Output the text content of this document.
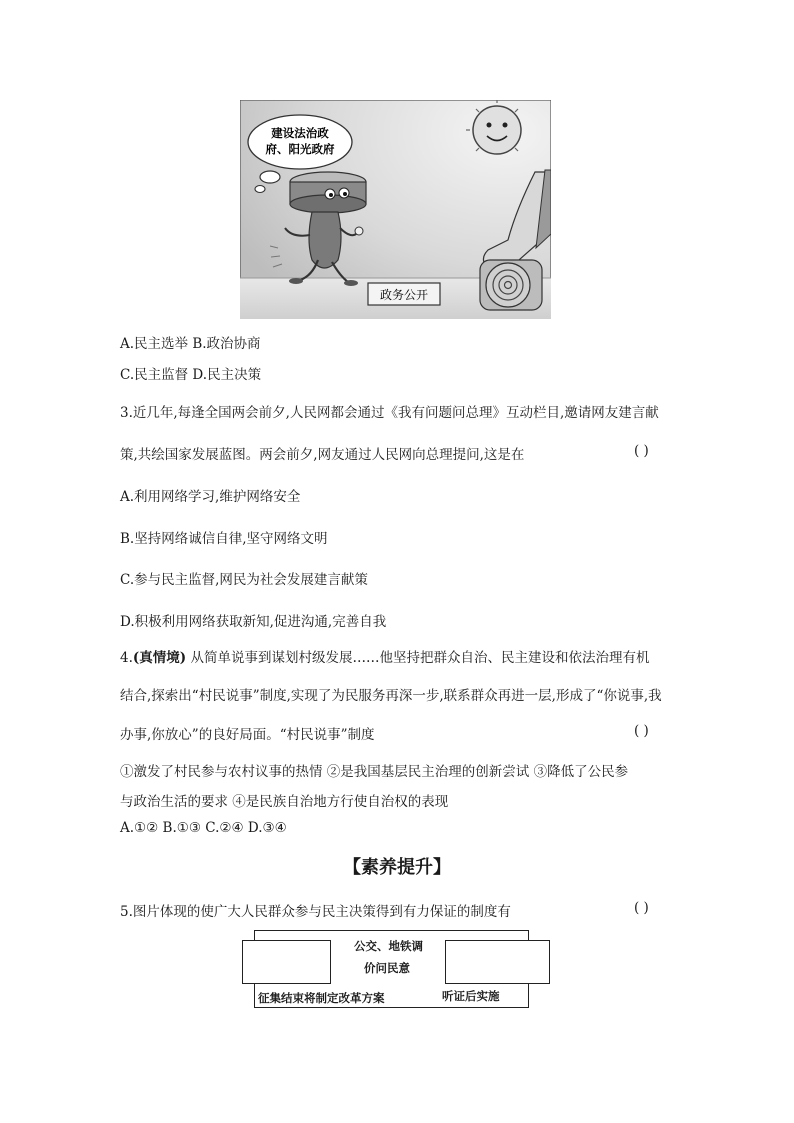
建设法治政
府、阳光政府
政务公开
A.民主选举 B.政治协商
C.民主监督 D.民主决策
3.近几年,每逢全国两会前夕,人民网都会通过《我有问题问总理》互动栏目,邀请网友建言献
策,共绘国家发展蓝图。两会前夕,网友通过人民网向总理提问,这是在	( )
A.利用网络学习,维护网络安全
B.坚持网络诚信自律,坚守网络文明
C.参与民主监督,网民为社会发展建言献策
D.积极利用网络获取新知,促进沟通,完善自我
4.(真情境) 从简单说事到谋划村级发展……他坚持把群众自治、民主建设和依法治理有机
结合,探索出“村民说事”制度,实现了为民服务再深一步,联系群众再进一层,形成了“你说事,我
办事,你放心”的良好局面。“村民说事”制度	( )
①激发了村民参与农村议事的热情 ②是我国基层民主治理的创新尝试 ③降低了公民参
与政治生活的要求 ④是民族自治地方行使自治权的表现
A.①② B.①③ C.②④ D.③④
【素养提升】
5.图片体现的使广大人民群众参与民主决策得到有力保证的制度有	( )
公交、地铁调
价问民意
征集结束将制定改革方案	听证后实施
